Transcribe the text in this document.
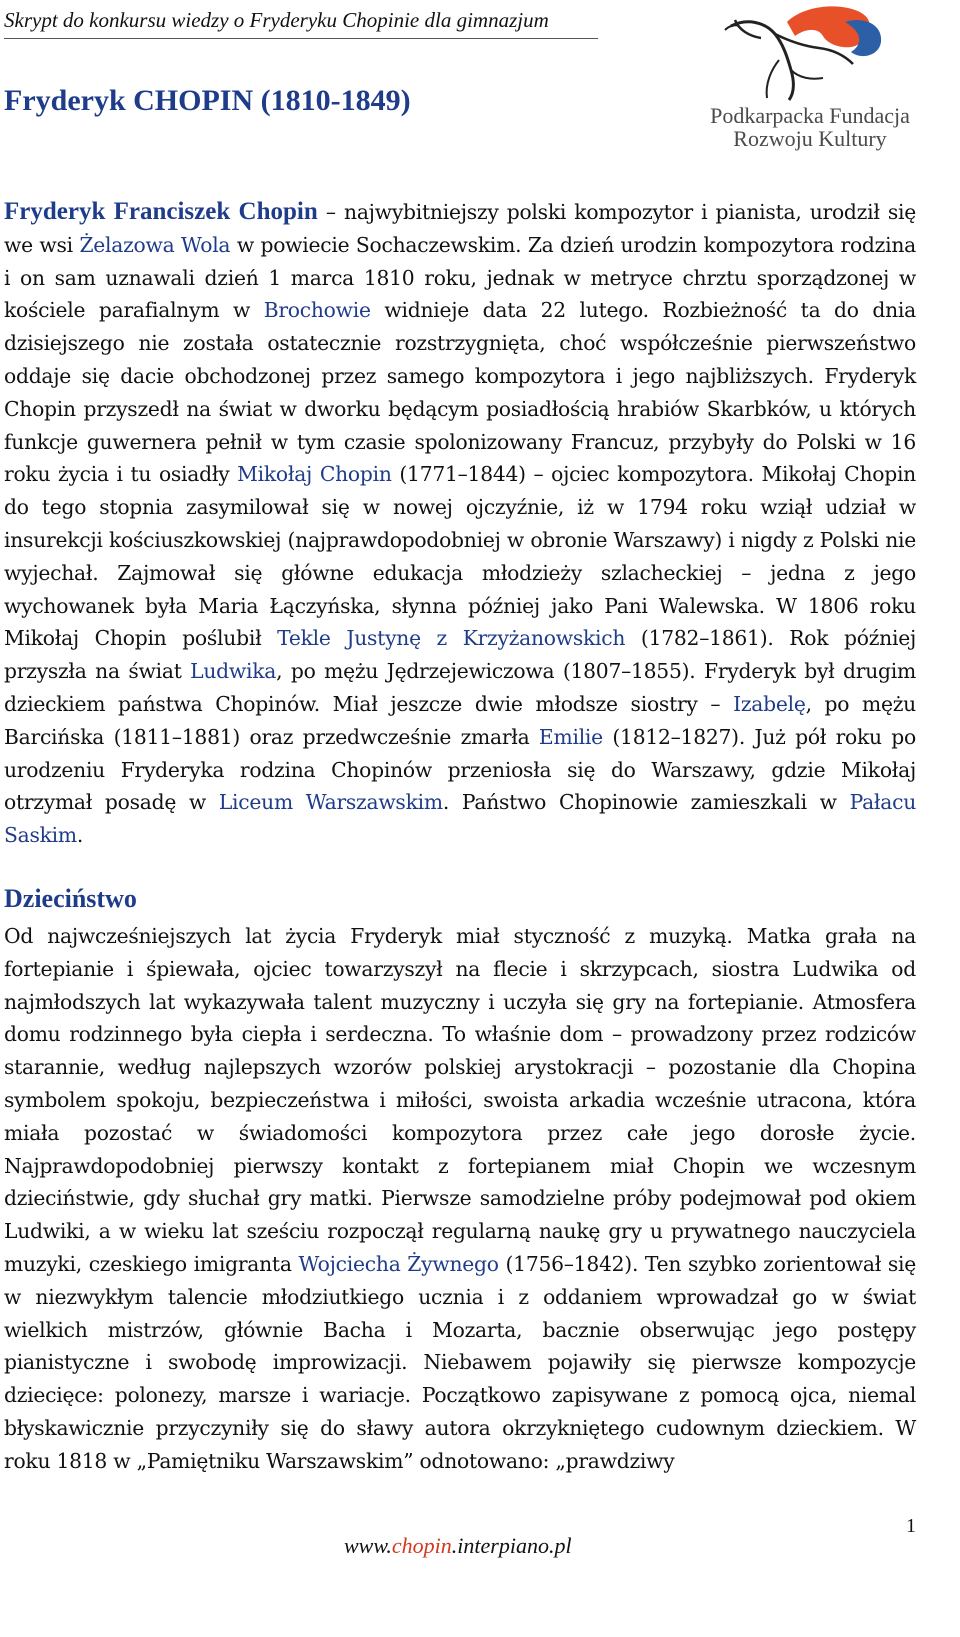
Skrypt do konkursu wiedzy o Fryderyku Chopinie dla gimnazjum
Podkarpacka Fundacja
Rozwoju Kultury
Fryderyk CHOPIN (1810-1849)
Fryderyk Franciszek Chopin – najwybitniejszy polski kompozytor i pianista, urodził się we wsi Żelazowa Wola w powiecie Sochaczewskim. Za dzień urodzin kompozytora rodzina i on sam uznawali dzień 1 marca 1810 roku, jednak w metryce chrztu sporządzonej w kościele parafialnym w Brochowie widnieje data 22 lutego. Rozbieżność ta do dnia dzisiejszego nie została ostatecznie rozstrzygnięta, choć współcześnie pierwszeństwo oddaje się dacie obchodzonej przez samego kompozytora i jego najbliższych. Fryderyk Chopin przyszedł na świat w dworku będącym posiadłością hrabiów Skarbków, u których funkcje guwernera pełnił w tym czasie spolonizowany Francuz, przybyły do Polski w 16 roku życia i tu osiadły Mikołaj Chopin (1771–1844) – ojciec kompozytora. Mikołaj Chopin do tego stopnia zasymilował się w nowej ojczyźnie, iż w 1794 roku wziął udział w insurekcji kościuszkowskiej (najprawdopodobniej w obronie Warszawy) i nigdy z Polski nie wyjechał. Zajmował się główne edukacja młodzieży szlacheckiej – jedna z jego wychowanek była Maria Łączyńska, słynna później jako Pani Walewska. W 1806 roku Mikołaj Chopin poślubił Tekle Justynę z Krzyżanowskich (1782–1861). Rok później przyszła na świat Ludwika, po mężu Jędrzejewiczowa (1807–1855). Fryderyk był drugim dzieckiem państwa Chopinów. Miał jeszcze dwie młodsze siostry – Izabelę, po mężu Barcińska (1811–1881) oraz przedwcześnie zmarła Emilie (1812–1827). Już pół roku po urodzeniu Fryderyka rodzina Chopinów przeniosła się do Warszawy, gdzie Mikołaj otrzymał posadę w Liceum Warszawskim. Państwo Chopinowie zamieszkali w Pałacu Saskim.
Dzieciństwo
Od najwcześniejszych lat życia Fryderyk miał styczność z muzyką. Matka grała na fortepianie i śpiewała, ojciec towarzyszył na flecie i skrzypcach, siostra Ludwika od najmłodszych lat wykazywała talent muzyczny i uczyła się gry na fortepianie. Atmosfera domu rodzinnego była ciepła i serdeczna. To właśnie dom – prowadzony przez rodziców starannie, według najlepszych wzorów polskiej arystokracji – pozostanie dla Chopina symbolem spokoju, bezpieczeństwa i miłości, swoista arkadia wcześnie utracona, która miała pozostać w świadomości kompozytora przez całe jego dorosłe życie. Najprawdopodobniej pierwszy kontakt z fortepianem miał Chopin we wczesnym dzieciństwie, gdy słuchał gry matki. Pierwsze samodzielne próby podejmował pod okiem Ludwiki, a w wieku lat sześciu rozpoczął regularną naukę gry u prywatnego nauczyciela muzyki, czeskiego imigranta Wojciecha Żywnego (1756–1842). Ten szybko zorientował się w niezwykłym talencie młodziutkiego ucznia i z oddaniem wprowadzał go w świat wielkich mistrzów, głównie Bacha i Mozarta, bacznie obserwując jego postępy pianistyczne i swobodę improwizacji. Niebawem pojawiły się pierwsze kompozycje dziecięce: polonezy, marsze i wariacje. Początkowo zapisywane z pomocą ojca, niemal błyskawicznie przyczyniły się do sławy autora okrzykniętego cudownym dzieckiem. W roku 1818 w „Pamiętniku Warszawskim” odnotowano: „prawdziwy
1
www.chopin.interpiano.pl
